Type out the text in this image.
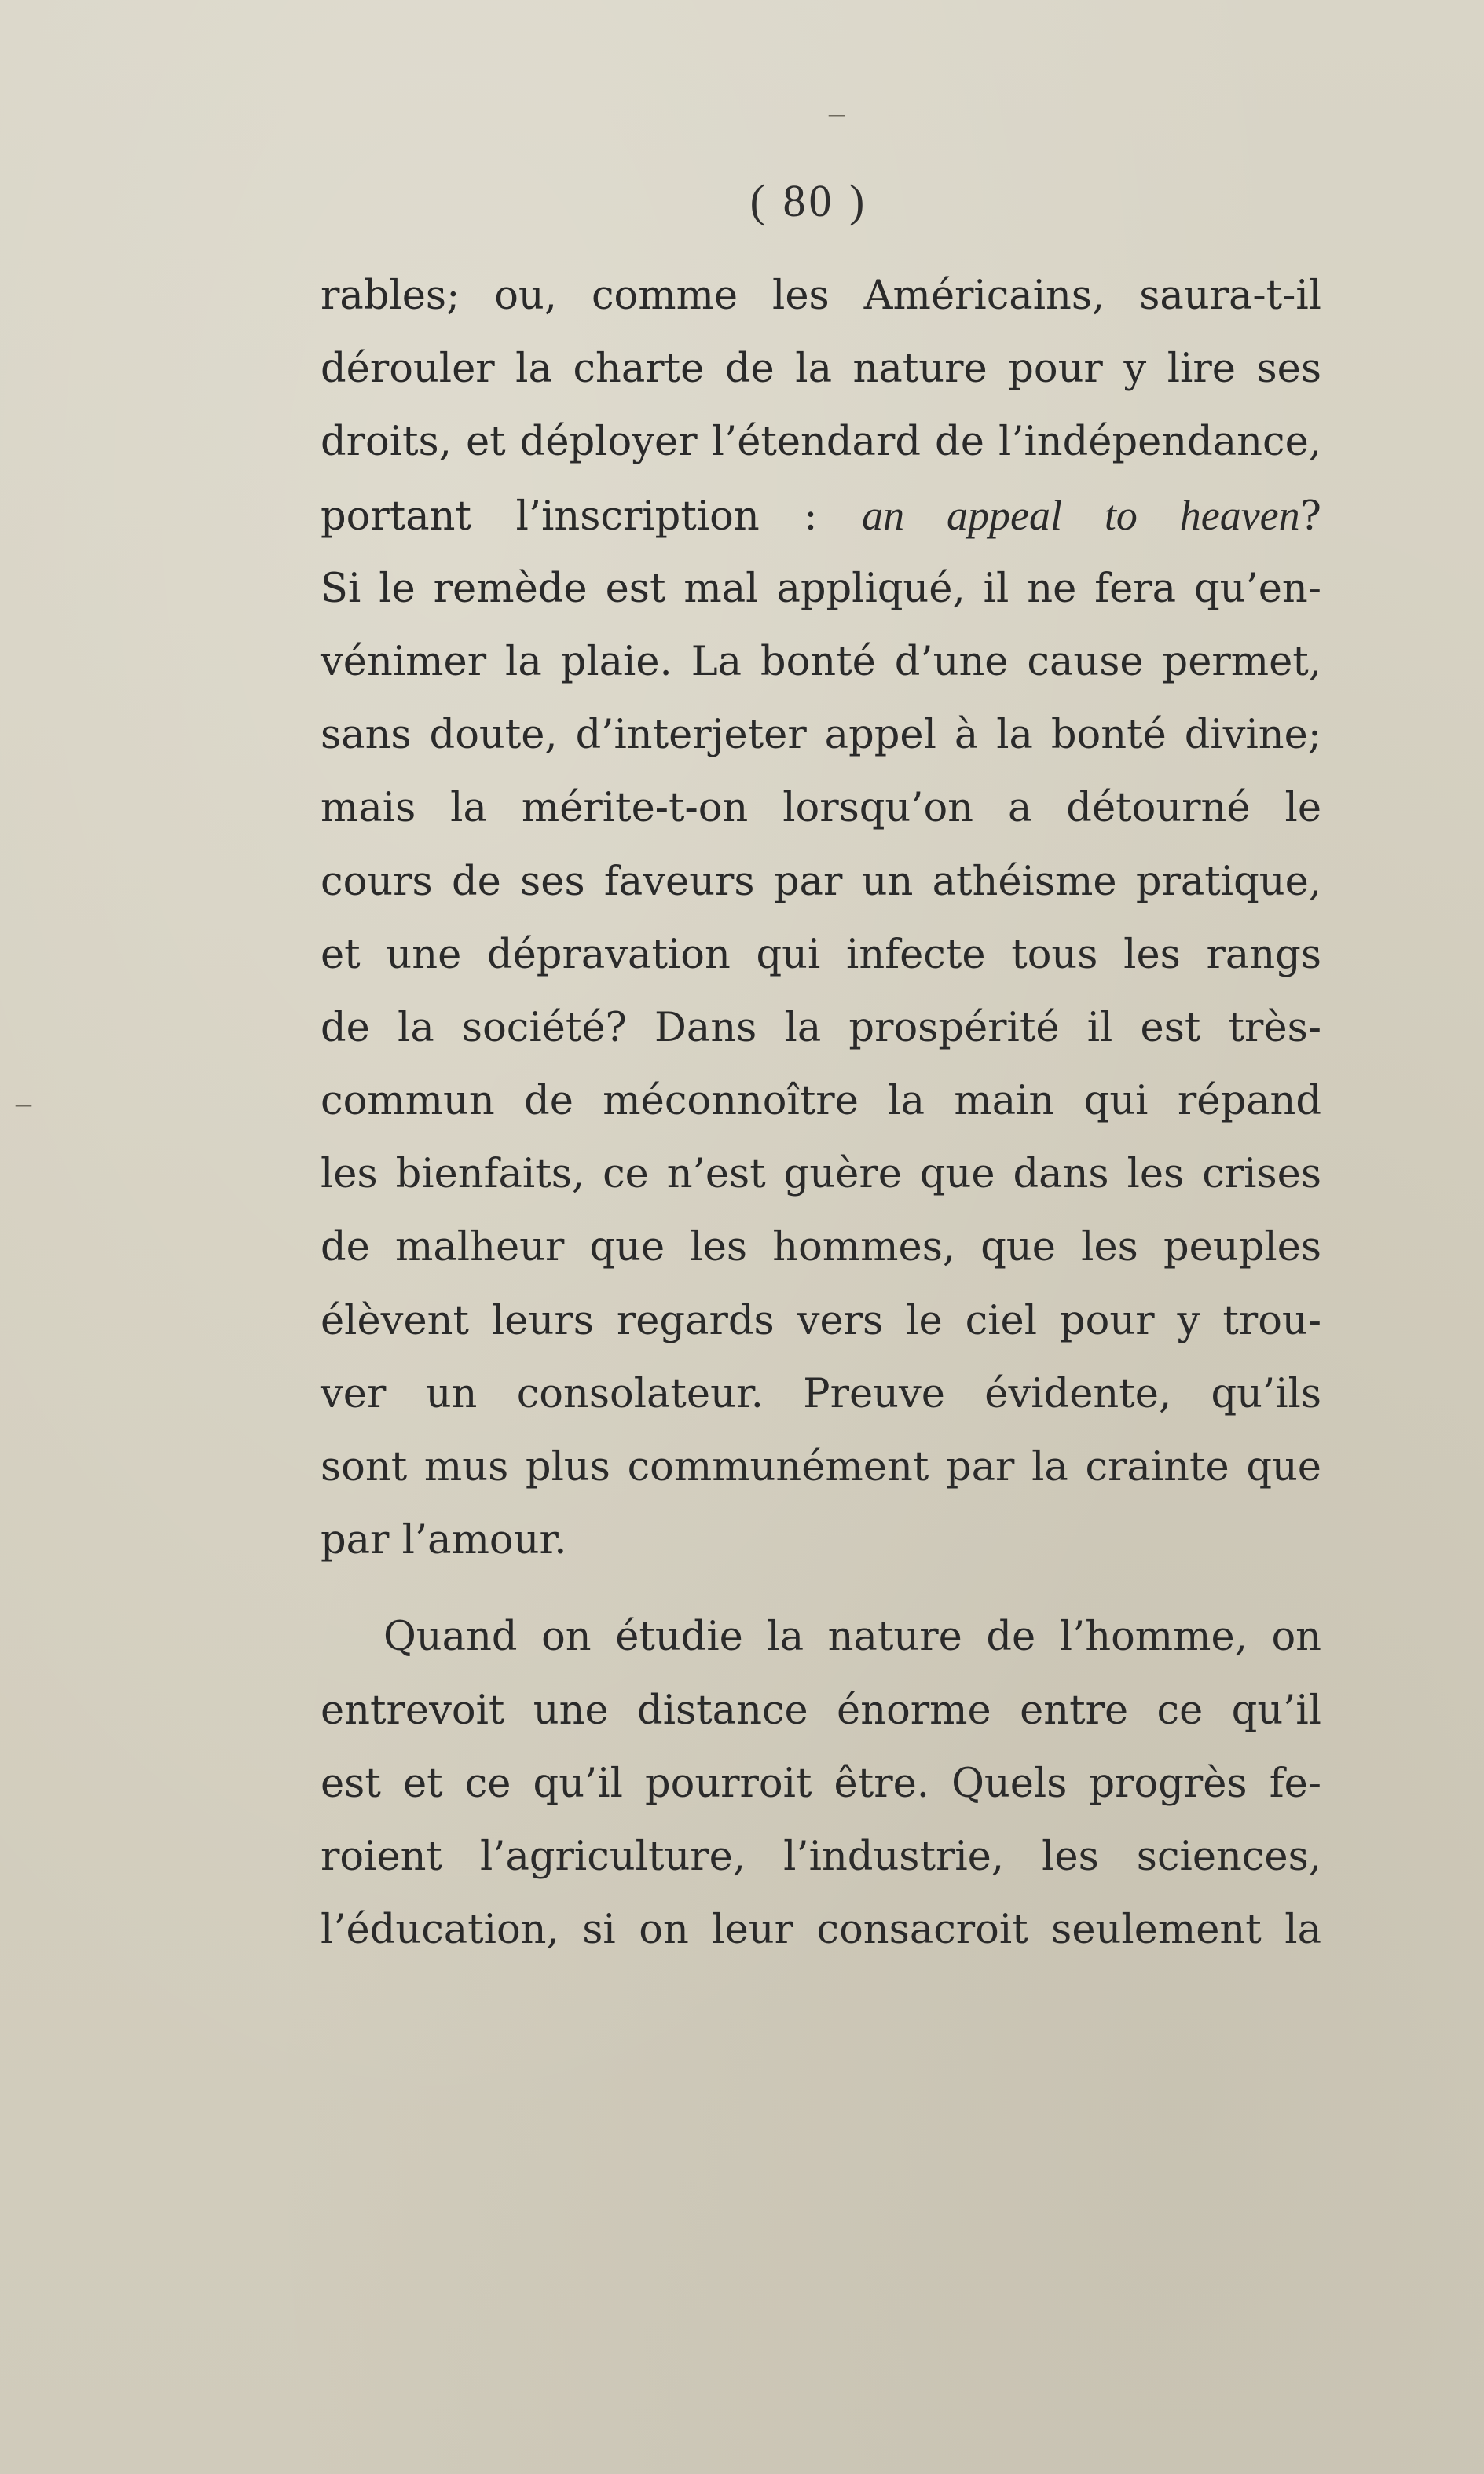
–
–
( 80 )
rables; ou, comme les Américains, saura-t-il
dérouler la charte de la nature pour y lire ses
droits, et déployer l’étendard de l’indépendance,
portant l’inscription : an appeal to heaven?
Si le remède est mal appliqué, il ne fera qu’en-
vénimer la plaie. La bonté d’une cause permet,
sans doute, d’interjeter appel à la bonté divine;
mais la mérite-t-on lorsqu’on a détourné le
cours de ses faveurs par un athéisme pratique,
et une dépravation qui infecte tous les rangs
de la société? Dans la prospérité il est très-
commun de méconnoître la main qui répand
les bienfaits, ce n’est guère que dans les crises
de malheur que les hommes, que les peuples
élèvent leurs regards vers le ciel pour y trou-
ver un consolateur. Preuve évidente, qu’ils
sont mus plus communément par la crainte que
par l’amour.
Quand on étudie la nature de l’homme, on
entrevoit une distance énorme entre ce qu’il
est et ce qu’il pourroit être. Quels progrès fe-
roient l’agriculture, l’industrie, les sciences,
l’éducation, si on leur consacroit seulement la
